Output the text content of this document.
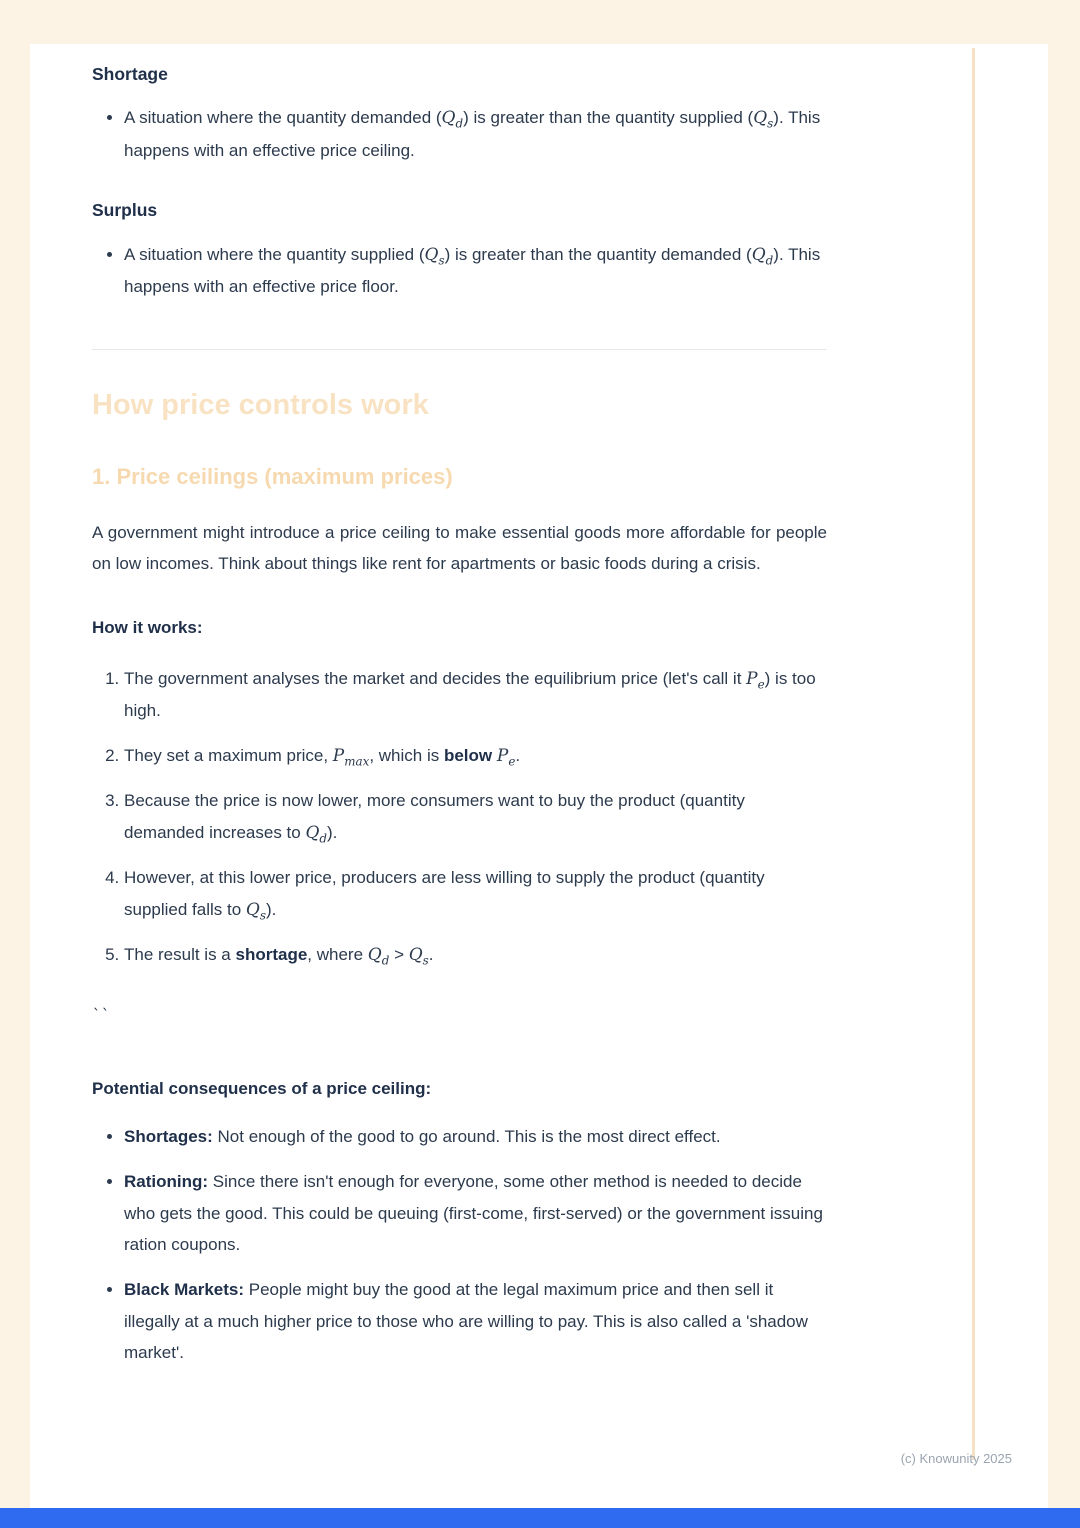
Shortage
• A situation where the quantity demanded $(Q_d)$ is greater than the quantity supplied $(Q_s)$. This happens with an effective price ceiling.
Surplus
• A situation where the quantity supplied $(Q_s)$ is greater than the quantity demanded $(Q_d)$. This happens with an effective price floor.
How price controls work
1. Price ceilings (maximum prices)

A government might introduce a price ceiling to make essential goods more affordable for people on low incomes. Think about things like rent for apartments or basic foods during a crisis.

How it works:

1. The government analyses the market and decides the equilibrium price (let's call it $P_e$) is too high.
2. They set a maximum price, $P_{max}$, which is below $P_e$.
3. Because the price is now lower, more consumers want to buy the product (quantity demanded increases to $Q_d$).
4. However, at this lower price, producers are less willing to supply the product (quantity supplied falls to $Q_s$).
5. The result is a shortage, where $Q_d > Q_s$.

``

Potential consequences of a price ceiling:

• Shortages: Not enough of the good to go around. This is the most direct effect.
• Rationing: Since there isn't enough for everyone, some other method is needed to decide who gets the good. This could be queuing (first-come, first-served) or the government issuing ration coupons.
• Black Markets: People might buy the good at the legal maximum price and then sell it illegally at a much higher price to those who are willing to pay. This is also called a 'shadow market'.
(c) Knowunity 2025
